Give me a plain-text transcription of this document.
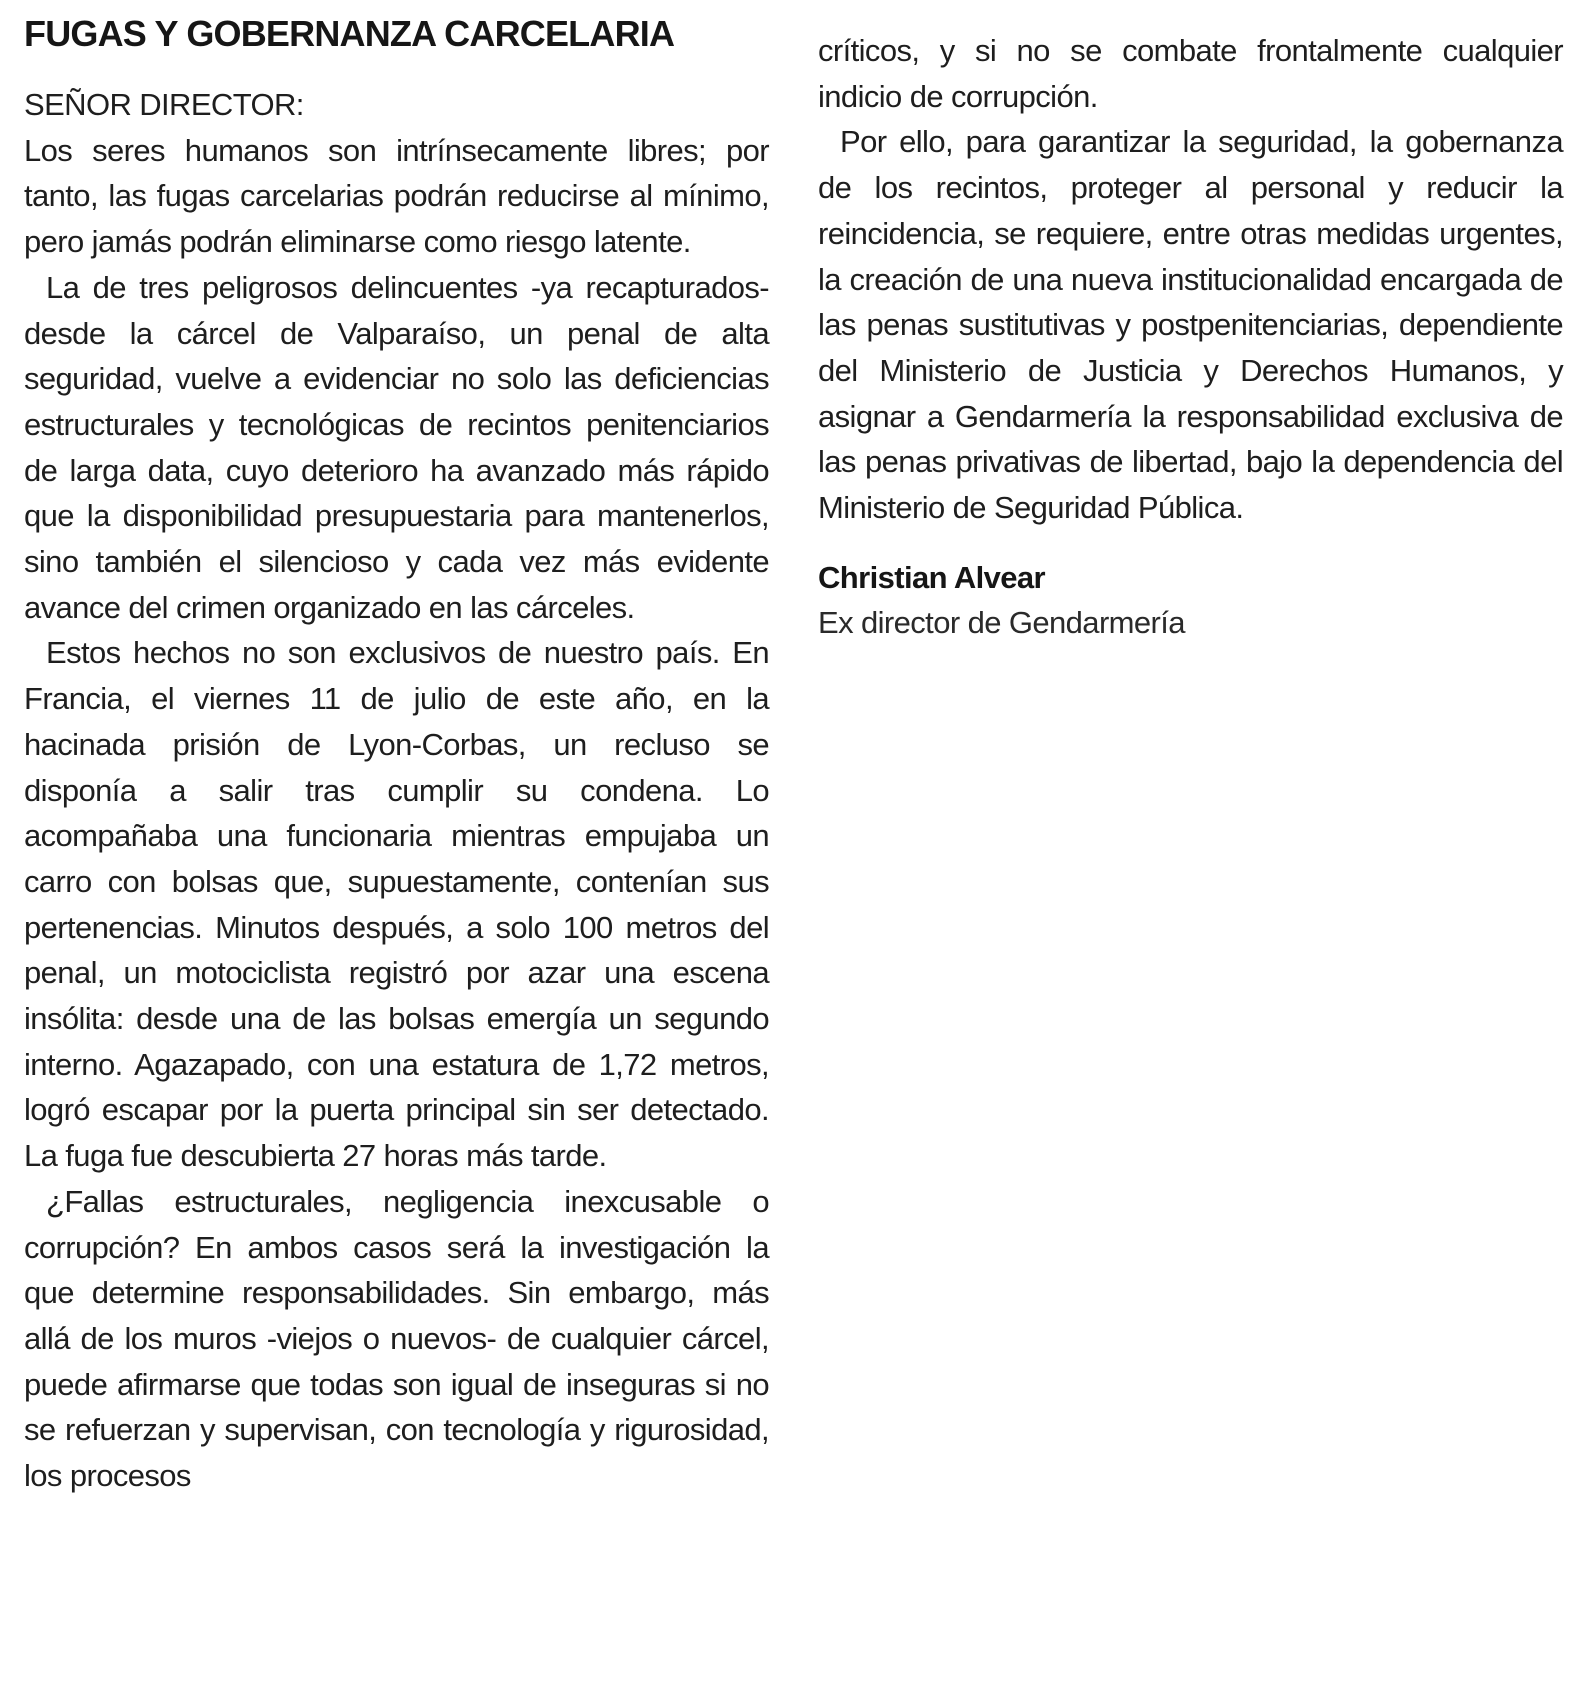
FUGAS Y GOBERNANZA CARCELARIA

SEÑOR DIRECTOR:

Los seres humanos son intrínsecamente libres; por tanto, las fugas carcelarias podrán reducirse al mínimo, pero jamás podrán eliminarse como riesgo latente.

La de tres peligrosos delincuentes -ya recapturados- desde la cárcel de Valparaíso, un penal de alta seguridad, vuelve a evidenciar no solo las deficiencias estructurales y tecnológicas de recintos penitenciarios de larga data, cuyo deterioro ha avanzado más rápido que la disponibilidad presupuestaria para mantenerlos, sino también el silencioso y cada vez más evidente avance del crimen organizado en las cárceles.

Estos hechos no son exclusivos de nuestro país. En Francia, el viernes 11 de julio de este año, en la hacinada prisión de Lyon-Corbas, un recluso se disponía a salir tras cumplir su condena. Lo acompañaba una funcionaria mientras empujaba un carro con bolsas que, supuestamente, contenían sus pertenencias. Minutos después, a solo 100 metros del penal, un motociclista registró por azar una escena insólita: desde una de las bolsas emergía un segundo interno. Agazapado, con una estatura de 1,72 metros, logró escapar por la puerta principal sin ser detectado. La fuga fue descubierta 27 horas más tarde.

¿Fallas estructurales, negligencia inexcusable o corrupción? En ambos casos será la investigación la que determine responsabilidades. Sin embargo, más allá de los muros -viejos o nuevos- de cualquier cárcel, puede afirmarse que todas son igual de inseguras si no se refuerzan y supervisan, con tecnología y rigurosidad, los procesos

críticos, y si no se combate frontalmente cualquier indicio de corrupción.

Por ello, para garantizar la seguridad, la gobernanza de los recintos, proteger al personal y reducir la reincidencia, se requiere, entre otras medidas urgentes, la creación de una nueva institucionalidad encargada de las penas sustitutivas y postpenitenciarias, dependiente del Ministerio de Justicia y Derechos Humanos, y asignar a Gendarmería la responsabilidad exclusiva de las penas privativas de libertad, bajo la dependencia del Ministerio de Seguridad Pública.

Christian Alvear

Ex director de Gendarmería
